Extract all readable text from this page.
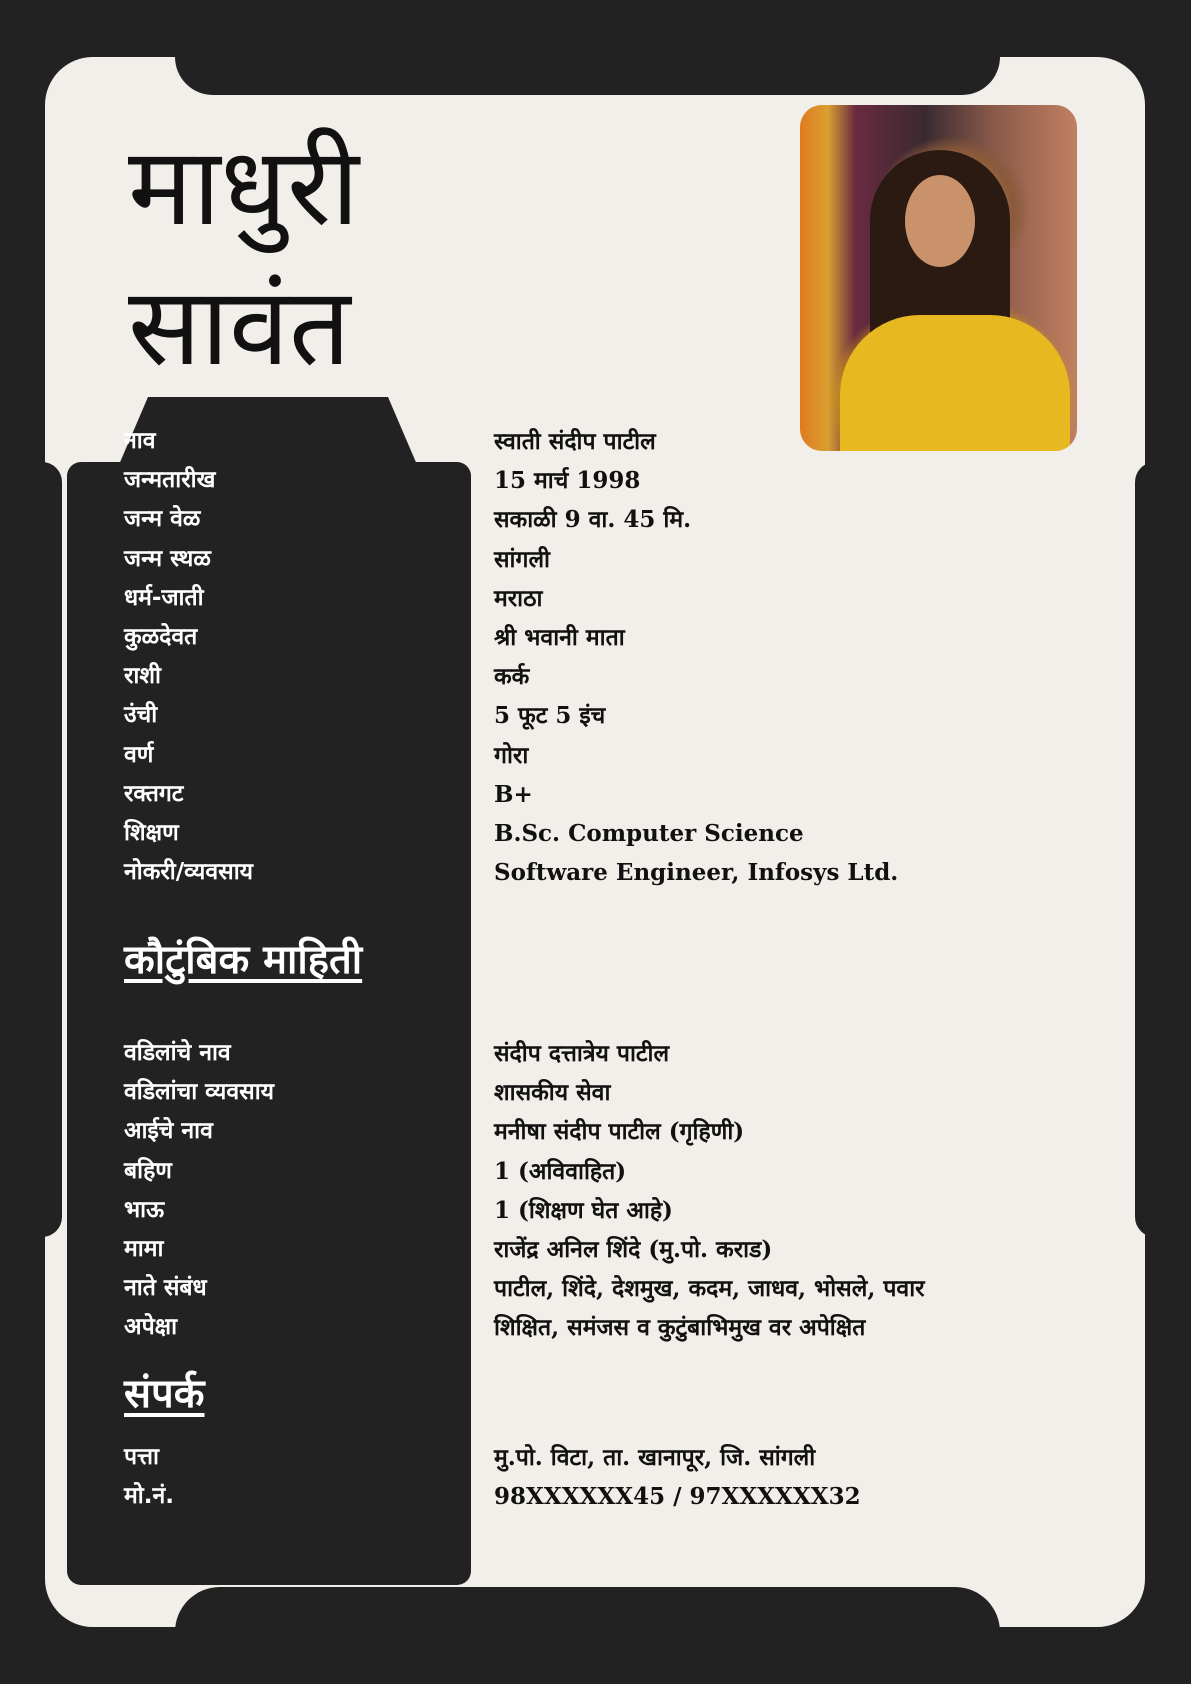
माधुरी
सावंत
नाव	स्वाती संदीप पाटील
जन्मतारीख	15 मार्च 1998
जन्म वेळ	सकाळी 9 वा. 45 मि.
जन्म स्थळ	सांगली
धर्म-जाती	मराठा
कुळदेवत	श्री भवानी माता
राशी	कर्क
उंची	5 फूट 5 इंच
वर्ण	गोरा
रक्तगट	B+
शिक्षण	B.Sc. Computer Science
नोकरी/व्यवसाय	Software Engineer, Infosys Ltd.
वडिलांचे नाव	संदीप दत्तात्रेय पाटील
वडिलांचा व्यवसाय	शासकीय सेवा
आईचे नाव	मनीषा संदीप पाटील (गृहिणी)
बहिण	1 (अविवाहित)
भाऊ	1 (शिक्षण घेत आहे)
मामा	राजेंद्र अनिल शिंदे (मु.पो. कराड)
नाते संबंध	पाटील, शिंदे, देशमुख, कदम, जाधव, भोसले, पवार
अपेक्षा	शिक्षित, समंजस व कुटुंबाभिमुख वर अपेक्षित
पत्ता	मु.पो. विटा, ता. खानापूर, जि. सांगली
मो.नं.	98XXXXXX45 / 97XXXXXX32
कौटुंबिक माहिती
संपर्क
